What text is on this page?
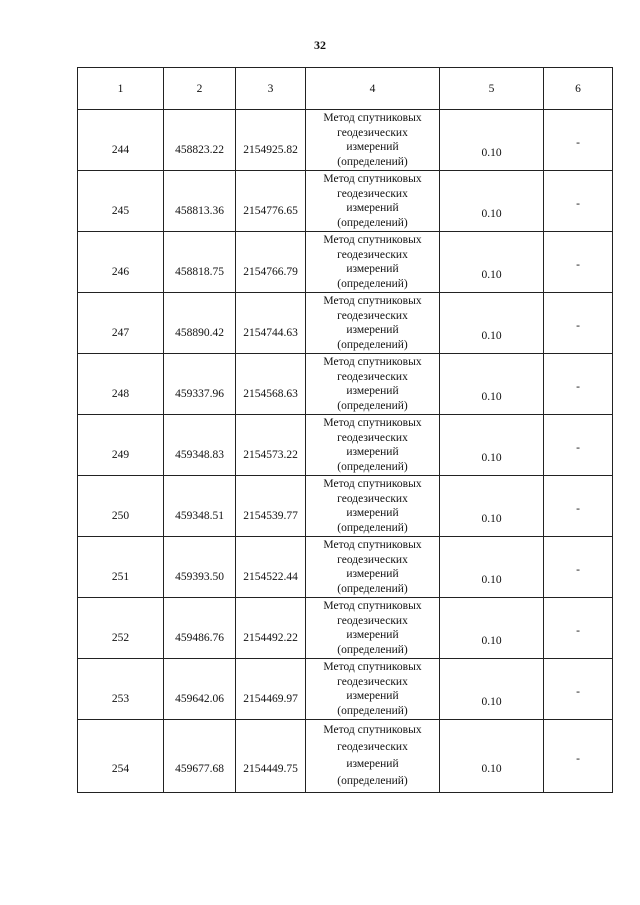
32
1	2	3	4	5	6

244	458823.22	2154925.82	Метод спутниковых
геодезических
измерений
(определений)	0.10	-

245	458813.36	2154776.65	Метод спутниковых
геодезических
измерений
(определений)	0.10	-

246	458818.75	2154766.79	Метод спутниковых
геодезических
измерений
(определений)	0.10	-

247	458890.42	2154744.63	Метод спутниковых
геодезических
измерений
(определений)	0.10	-

248	459337.96	2154568.63	Метод спутниковых
геодезических
измерений
(определений)	0.10	-

249	459348.83	2154573.22	Метод спутниковых
геодезических
измерений
(определений)	0.10	-

250	459348.51	2154539.77	Метод спутниковых
геодезических
измерений
(определений)	0.10	-

251	459393.50	2154522.44	Метод спутниковых
геодезических
измерений
(определений)	0.10	-

252	459486.76	2154492.22	Метод спутниковых
геодезических
измерений
(определений)	0.10	-

253	459642.06	2154469.97	Метод спутниковых
геодезических
измерений
(определений)	0.10	-

254	459677.68	2154449.75	Метод спутниковых
геодезических
измерений
(определений)	0.10	-
